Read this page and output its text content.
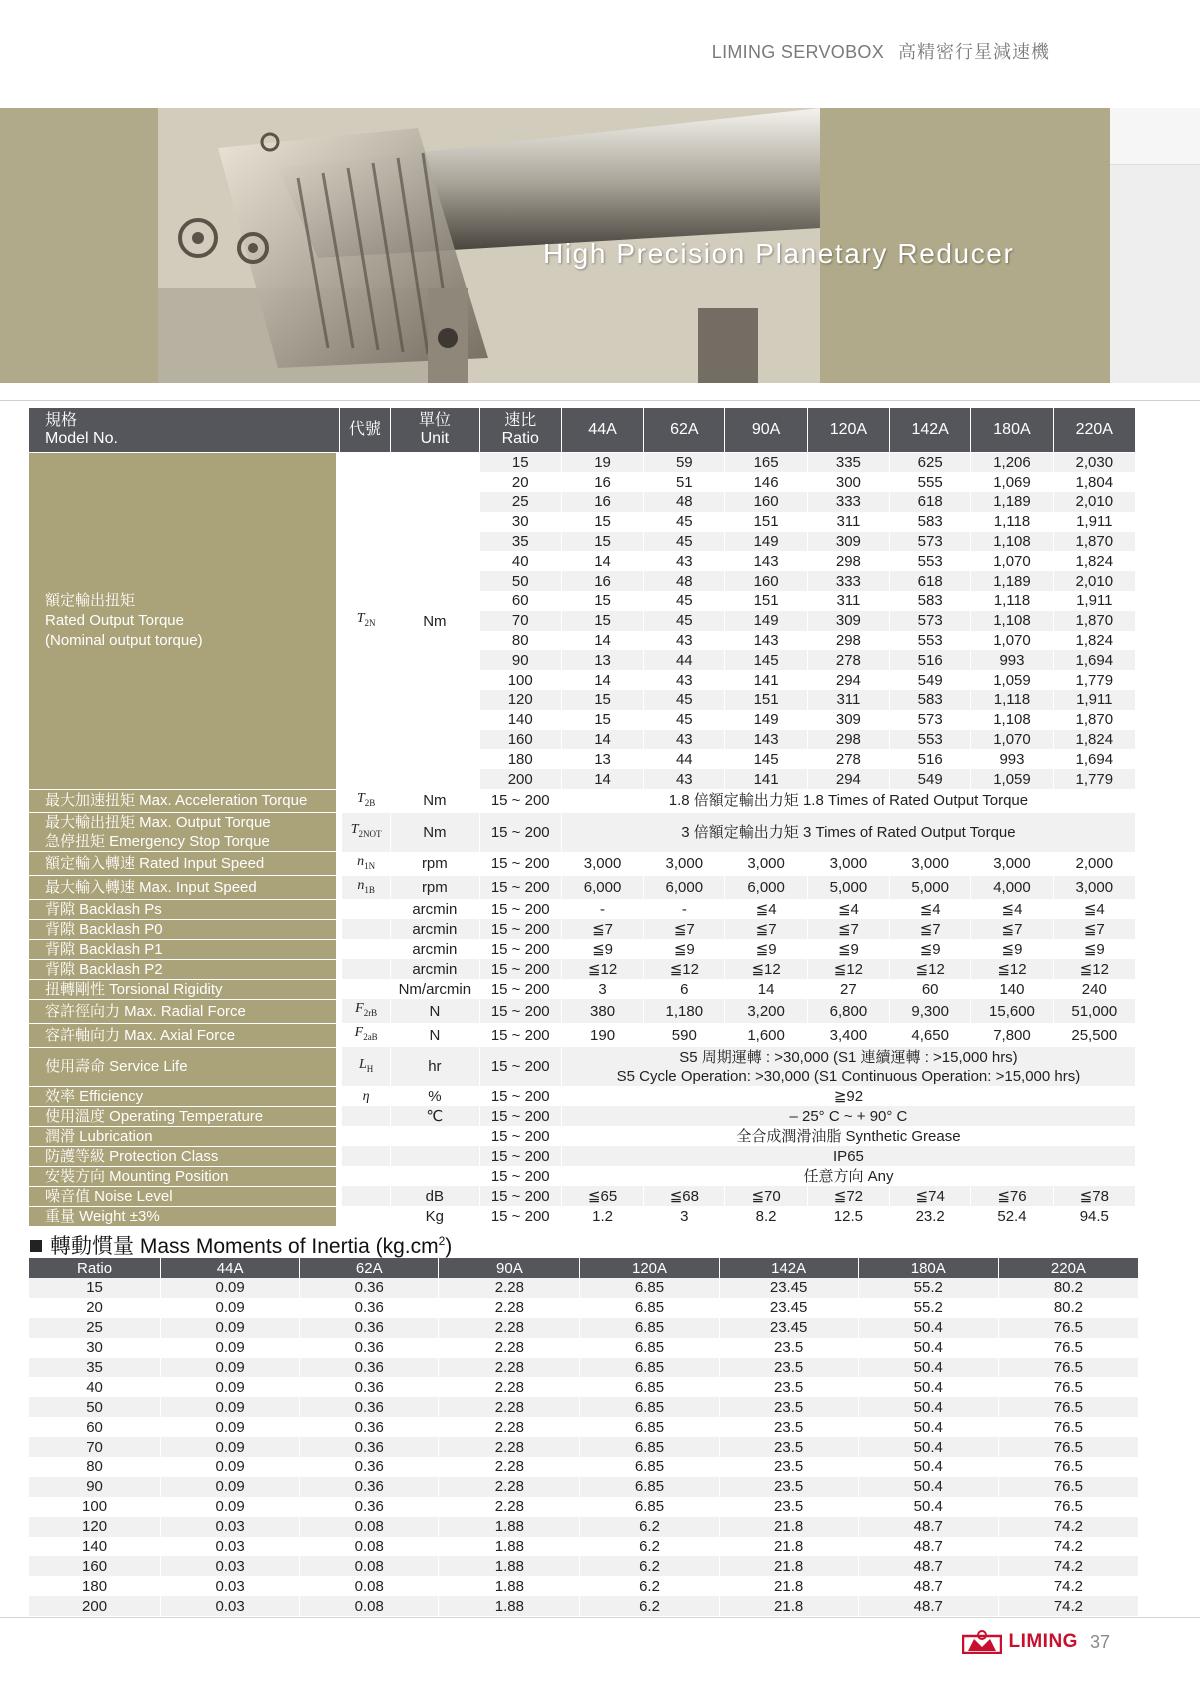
LIMING SERVOBOX 高精密行星減速機
High Precision Planetary Reducer
規格
Model No.	代號	單位
Unit	速比
Ratio	44A	62A	90A	120A	142A	180A	220A

額定輸出扭矩
Rated Output Torque
(Nominal output torque)	$T_{2N}$	Nm	15	19	59	165	335	625	1,206	2,030
			20	16	51	146	300	555	1,069	1,804
			25	16	48	160	333	618	1,189	2,010
			30	15	45	151	311	583	1,118	1,911
			35	15	45	149	309	573	1,108	1,870
			40	14	43	143	298	553	1,070	1,824
			50	16	48	160	333	618	1,189	2,010
			60	15	45	151	311	583	1,118	1,911
			70	15	45	149	309	573	1,108	1,870
			80	14	43	143	298	553	1,070	1,824
			90	13	44	145	278	516	993	1,694
			100	14	43	141	294	549	1,059	1,779
			120	15	45	151	311	583	1,118	1,911
			140	15	45	149	309	573	1,108	1,870
			160	14	43	143	298	553	1,070	1,824
			180	13	44	145	278	516	993	1,694
			200	14	43	141	294	549	1,059	1,779

最大加速扭矩 Max. Acceleration Torque	$T_{2B}$	Nm	15 ~ 200	1.8 倍額定輸出力矩 1.8 Times of Rated Output Torque						

最大輸出扭矩 Max. Output Torque
急停扭矩 Emergency Stop Torque	$T_{2NOT}$	Nm	15 ~ 200	3 倍額定輸出力矩 3 Times of Rated Output Torque						

額定輸入轉速 Rated Input Speed	$n_{1N}$	rpm	15 ~ 200	3,000	3,000	3,000	3,000	3,000	3,000	2,000

最大輸入轉速 Max. Input Speed	$n_{1B}$	rpm	15 ~ 200	6,000	6,000	6,000	5,000	5,000	4,000	3,000

背隙 Backlash Ps		arcmin	15 ~ 200	-	-	≦4	≦4	≦4	≦4	≦4

背隙 Backlash P0		arcmin	15 ~ 200	≦7	≦7	≦7	≦7	≦7	≦7	≦7

背隙 Backlash P1		arcmin	15 ~ 200	≦9	≦9	≦9	≦9	≦9	≦9	≦9

背隙 Backlash P2		arcmin	15 ~ 200	≦12	≦12	≦12	≦12	≦12	≦12	≦12

扭轉剛性 Torsional Rigidity		Nm/arcmin	15 ~ 200	3	6	14	27	60	140	240

容許徑向力 Max. Radial Force	$F_{2rB}$	N	15 ~ 200	380	1,180	3,200	6,800	9,300	15,600	51,000

容許軸向力 Max. Axial Force	$F_{2aB}$	N	15 ~ 200	190	590	1,600	3,400	4,650	7,800	25,500

使用壽命 Service Life	$L_H$	hr	15 ~ 200	S5 周期運轉 : >30,000 (S1 連續運轉 : >15,000 hrs)
S5 Cycle Operation: >30,000 (S1 Continuous Operation: >15,000 hrs)						

效率 Efficiency	η	%	15 ~ 200	≧92						

使用溫度 Operating Temperature		℃	15 ~ 200	– 25° C ~ + 90° C						

潤滑 Lubrication			15 ~ 200	全合成潤滑油脂 Synthetic Grease						

防護等級 Protection Class			15 ~ 200	IP65						

安裝方向 Mounting Position			15 ~ 200	任意方向 Any						

噪音值 Noise Level		dB	15 ~ 200	≦65	≦68	≦70	≦72	≦74	≦76	≦78

重量 Weight ±3%		Kg	15 ~ 200	1.2	3	8.2	12.5	23.2	52.4	94.5
轉動慣量 Mass Moments of Inertia $(kg.cm^2)$
Ratio	44A	62A	90A	120A	142A	180A	220A
15	0.09	0.36	2.28	6.85	23.45	55.2	80.2
20	0.09	0.36	2.28	6.85	23.45	55.2	80.2
25	0.09	0.36	2.28	6.85	23.45	50.4	76.5
30	0.09	0.36	2.28	6.85	23.5	50.4	76.5
35	0.09	0.36	2.28	6.85	23.5	50.4	76.5
40	0.09	0.36	2.28	6.85	23.5	50.4	76.5
50	0.09	0.36	2.28	6.85	23.5	50.4	76.5
60	0.09	0.36	2.28	6.85	23.5	50.4	76.5
70	0.09	0.36	2.28	6.85	23.5	50.4	76.5
80	0.09	0.36	2.28	6.85	23.5	50.4	76.5
90	0.09	0.36	2.28	6.85	23.5	50.4	76.5
100	0.09	0.36	2.28	6.85	23.5	50.4	76.5
120	0.03	0.08	1.88	6.2	21.8	48.7	74.2
140	0.03	0.08	1.88	6.2	21.8	48.7	74.2
160	0.03	0.08	1.88	6.2	21.8	48.7	74.2
180	0.03	0.08	1.88	6.2	21.8	48.7	74.2
200	0.03	0.08	1.88	6.2	21.8	48.7	74.2
LIMING 37
